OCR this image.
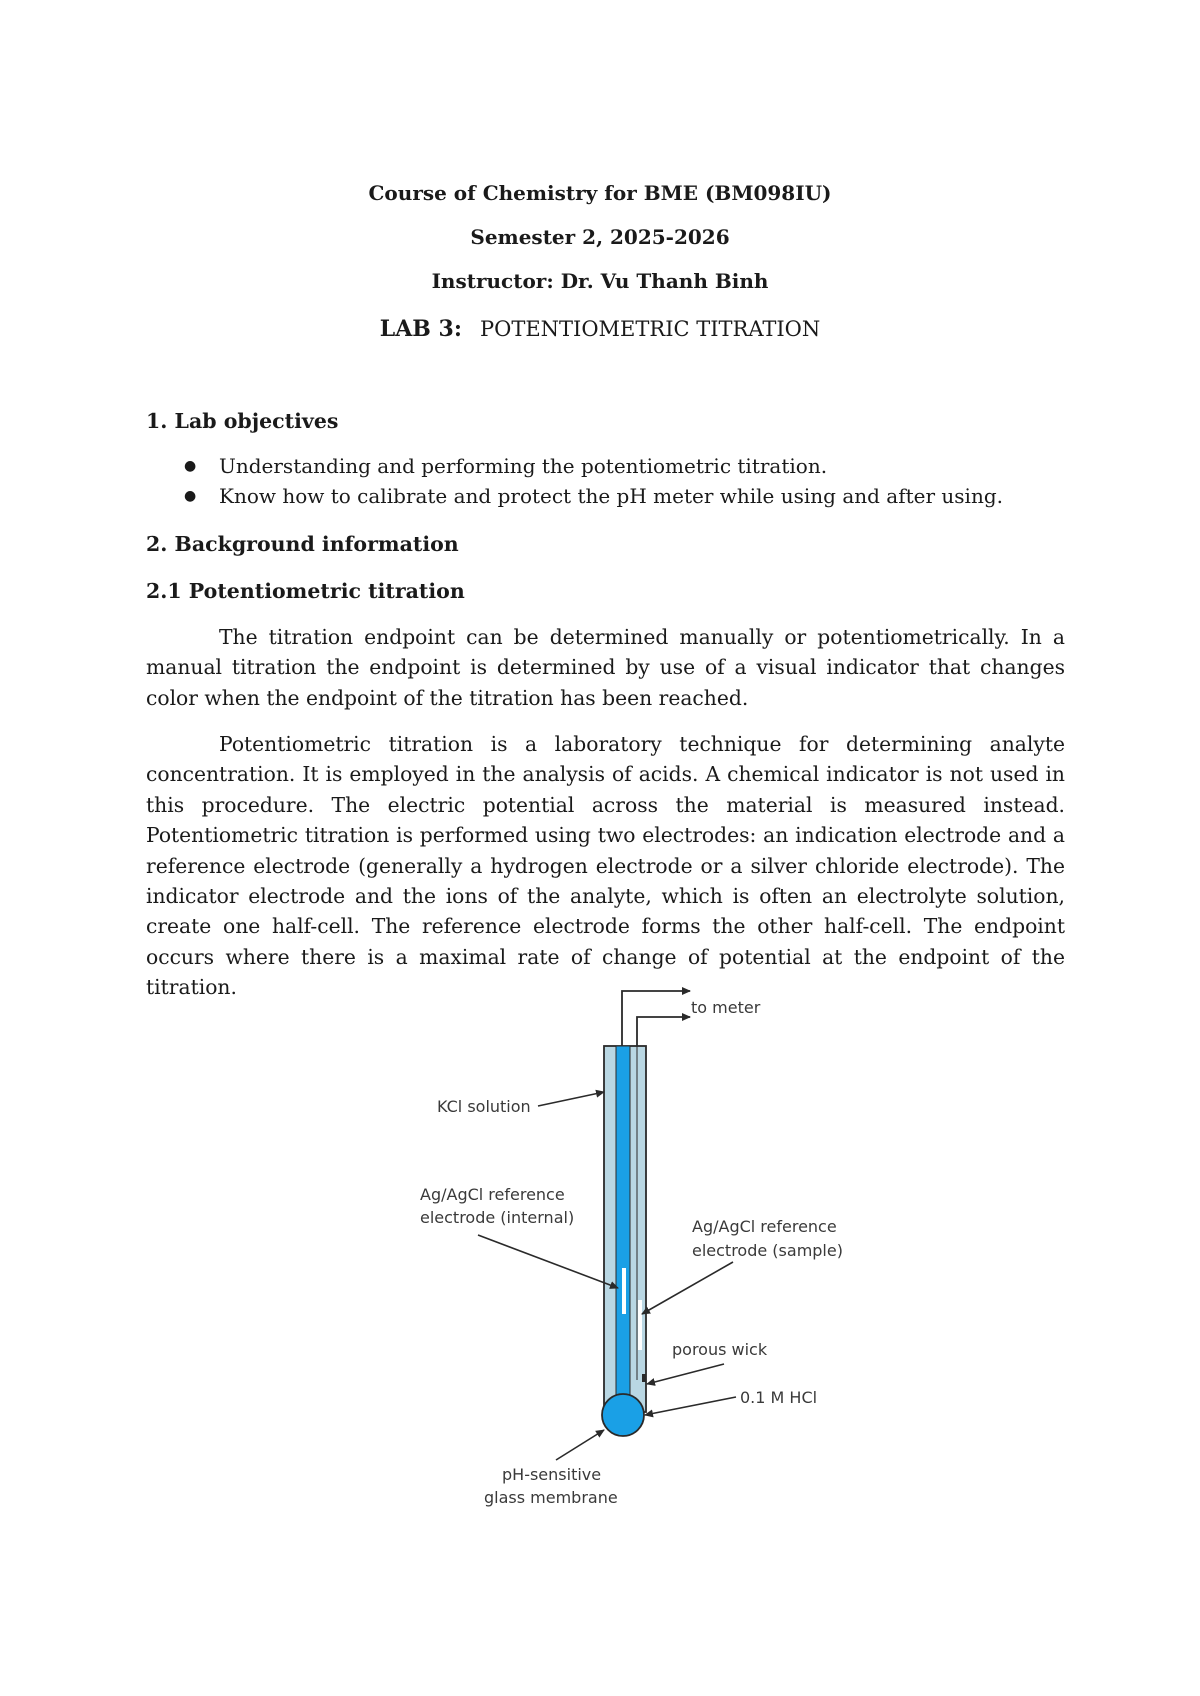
Course of Chemistry for BME (BM098IU)
Semester 2, 2025-2026
Instructor: Dr. Vu Thanh Binh
LAB 3: POTENTIOMETRIC TITRATION
1. Lab objectives
● Understanding and performing the potentiometric titration.
● Know how to calibrate and protect the pH meter while using and after using.
2. Background information
2.1 Potentiometric titration

The titration endpoint can be determined manually or potentiometrically. In a manual titration the endpoint is determined by use of a visual indicator that changes color when the endpoint of the titration has been reached.

Potentiometric titration is a laboratory technique for determining analyte concentration. It is employed in the analysis of acids. A chemical indicator is not used in this procedure. The electric potential across the material is measured instead. Potentiometric titration is performed using two electrodes: an indication electrode and a reference electrode (generally a hydrogen electrode or a silver chloride electrode). The indicator electrode and the ions of the analyte, which is often an electrolyte solution, create one half-cell. The reference electrode forms the other half-cell. The endpoint occurs where there is a maximal rate of change of potential at the endpoint of the titration.

to meter
KCl solution
Ag/AgCl reference
electrode (internal)	Ag/AgCl reference
electrode (sample)
porous wick
0.1 M HCl
pH-sensitive
glass membrane
